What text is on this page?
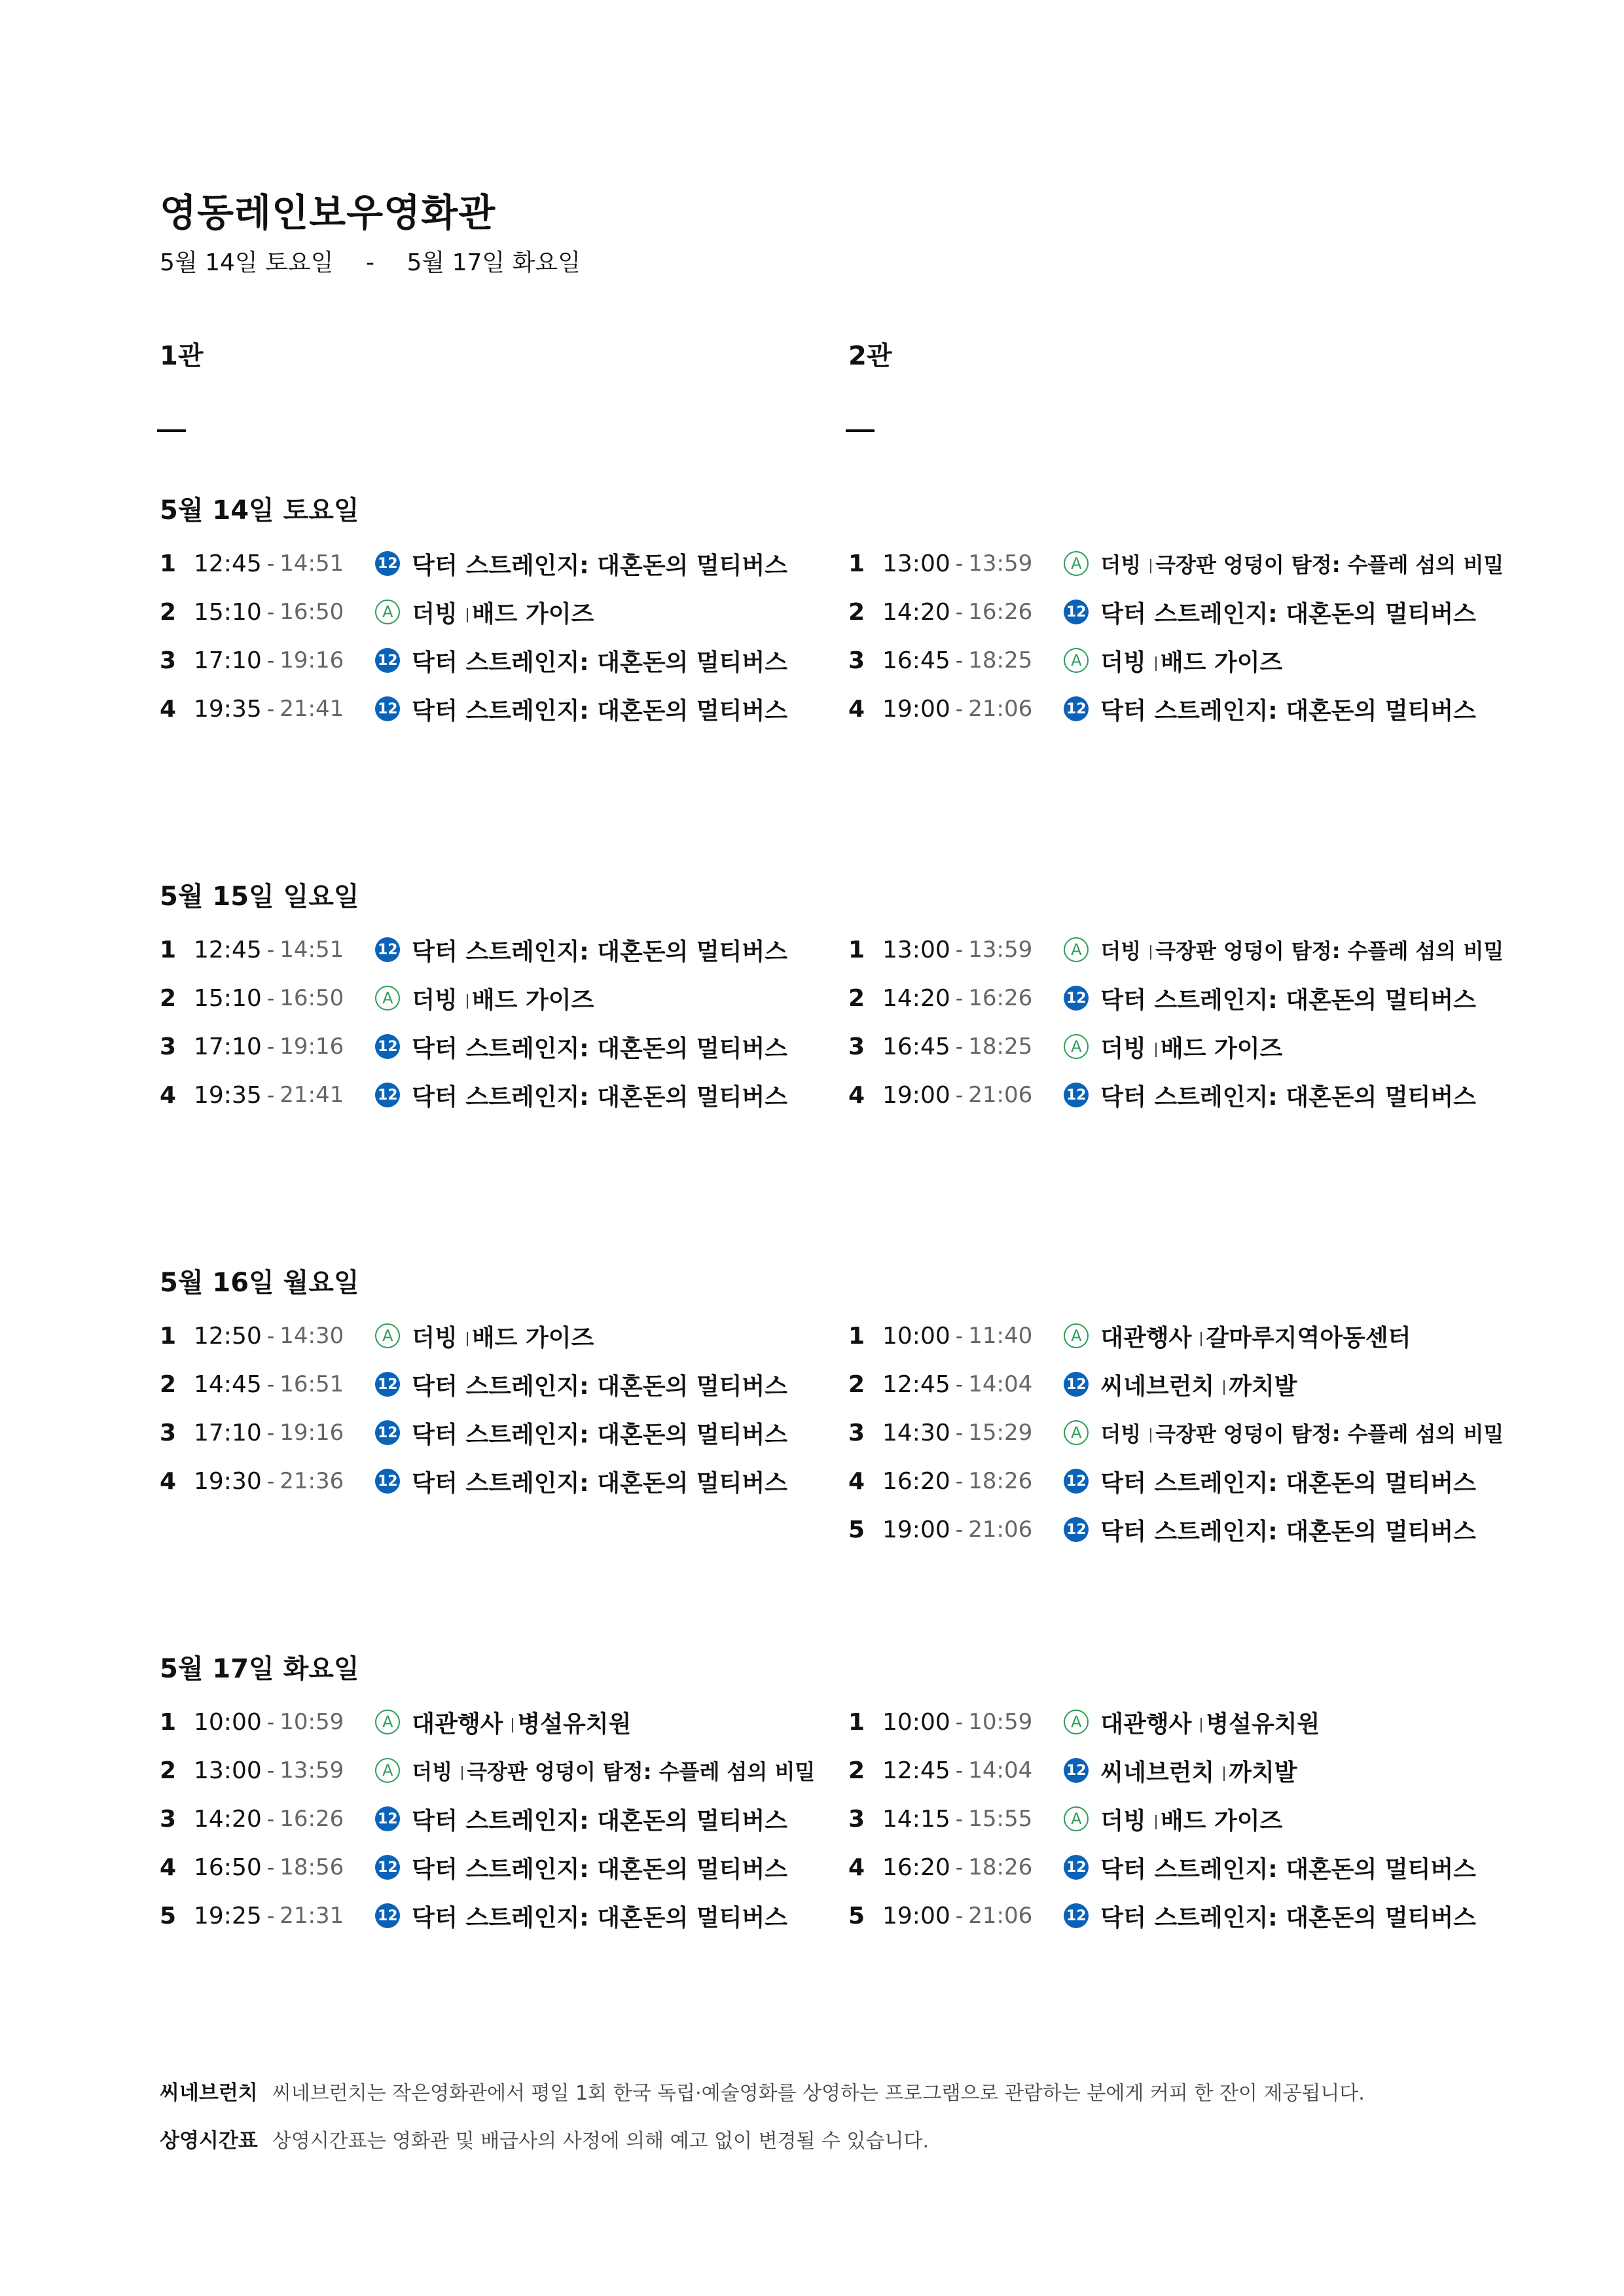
영동레인보우영화관
5월 14일 토요일 - 5월 17일 화요일
1관	2관
5월 14일 토요일
1 12:45 - 14:51	12 닥터 스트레인지: 대혼돈의 멀티버스
2 15:10 - 16:50	A 더빙 배드 가이즈
3 17:10 - 19:16	12 닥터 스트레인지: 대혼돈의 멀티버스
4 19:35 - 21:41	12 닥터 스트레인지: 대혼돈의 멀티버스
1 13:00 - 13:59	A 더빙 극장판 엉덩이 탐정: 수플레 섬의 비밀
2 14:20 - 16:26	12 닥터 스트레인지: 대혼돈의 멀티버스
3 16:45 - 18:25	A 더빙 배드 가이즈
4 19:00 - 21:06	12 닥터 스트레인지: 대혼돈의 멀티버스
5월 15일 일요일
1 12:45 - 14:51	12 닥터 스트레인지: 대혼돈의 멀티버스
2 15:10 - 16:50	A 더빙 배드 가이즈
3 17:10 - 19:16	12 닥터 스트레인지: 대혼돈의 멀티버스
4 19:35 - 21:41	12 닥터 스트레인지: 대혼돈의 멀티버스
1 13:00 - 13:59	A 더빙 극장판 엉덩이 탐정: 수플레 섬의 비밀
2 14:20 - 16:26	12 닥터 스트레인지: 대혼돈의 멀티버스
3 16:45 - 18:25	A 더빙 배드 가이즈
4 19:00 - 21:06	12 닥터 스트레인지: 대혼돈의 멀티버스
5월 16일 월요일
1 12:50 - 14:30	A 더빙 배드 가이즈
2 14:45 - 16:51	12 닥터 스트레인지: 대혼돈의 멀티버스
3 17:10 - 19:16	12 닥터 스트레인지: 대혼돈의 멀티버스
4 19:30 - 21:36	12 닥터 스트레인지: 대혼돈의 멀티버스
1 10:00 - 11:40	A 대관행사 갈마루지역아동센터
2 12:45 - 14:04	12 씨네브런치 까치발
3 14:30 - 15:29	A 더빙 극장판 엉덩이 탐정: 수플레 섬의 비밀
4 16:20 - 18:26	12 닥터 스트레인지: 대혼돈의 멀티버스
5 19:00 - 21:06	12 닥터 스트레인지: 대혼돈의 멀티버스
5월 17일 화요일
1 10:00 - 10:59	A 대관행사 병설유치원
2 13:00 - 13:59	A 더빙 극장판 엉덩이 탐정: 수플레 섬의 비밀
3 14:20 - 16:26	12 닥터 스트레인지: 대혼돈의 멀티버스
4 16:50 - 18:56	12 닥터 스트레인지: 대혼돈의 멀티버스
5 19:25 - 21:31	12 닥터 스트레인지: 대혼돈의 멀티버스
1 10:00 - 10:59	A 대관행사 병설유치원
2 12:45 - 14:04	12 씨네브런치 까치발
3 14:15 - 15:55	A 더빙 배드 가이즈
4 16:20 - 18:26	12 닥터 스트레인지: 대혼돈의 멀티버스
5 19:00 - 21:06	12 닥터 스트레인지: 대혼돈의 멀티버스
씨네브런치 씨네브런치는 작은영화관에서 평일 1회 한국 독립·예술영화를 상영하는 프로그램으로 관람하는 분에게 커피 한 잔이 제공됩니다.
상영시간표 상영시간표는 영화관 및 배급사의 사정에 의해 예고 없이 변경될 수 있습니다.
